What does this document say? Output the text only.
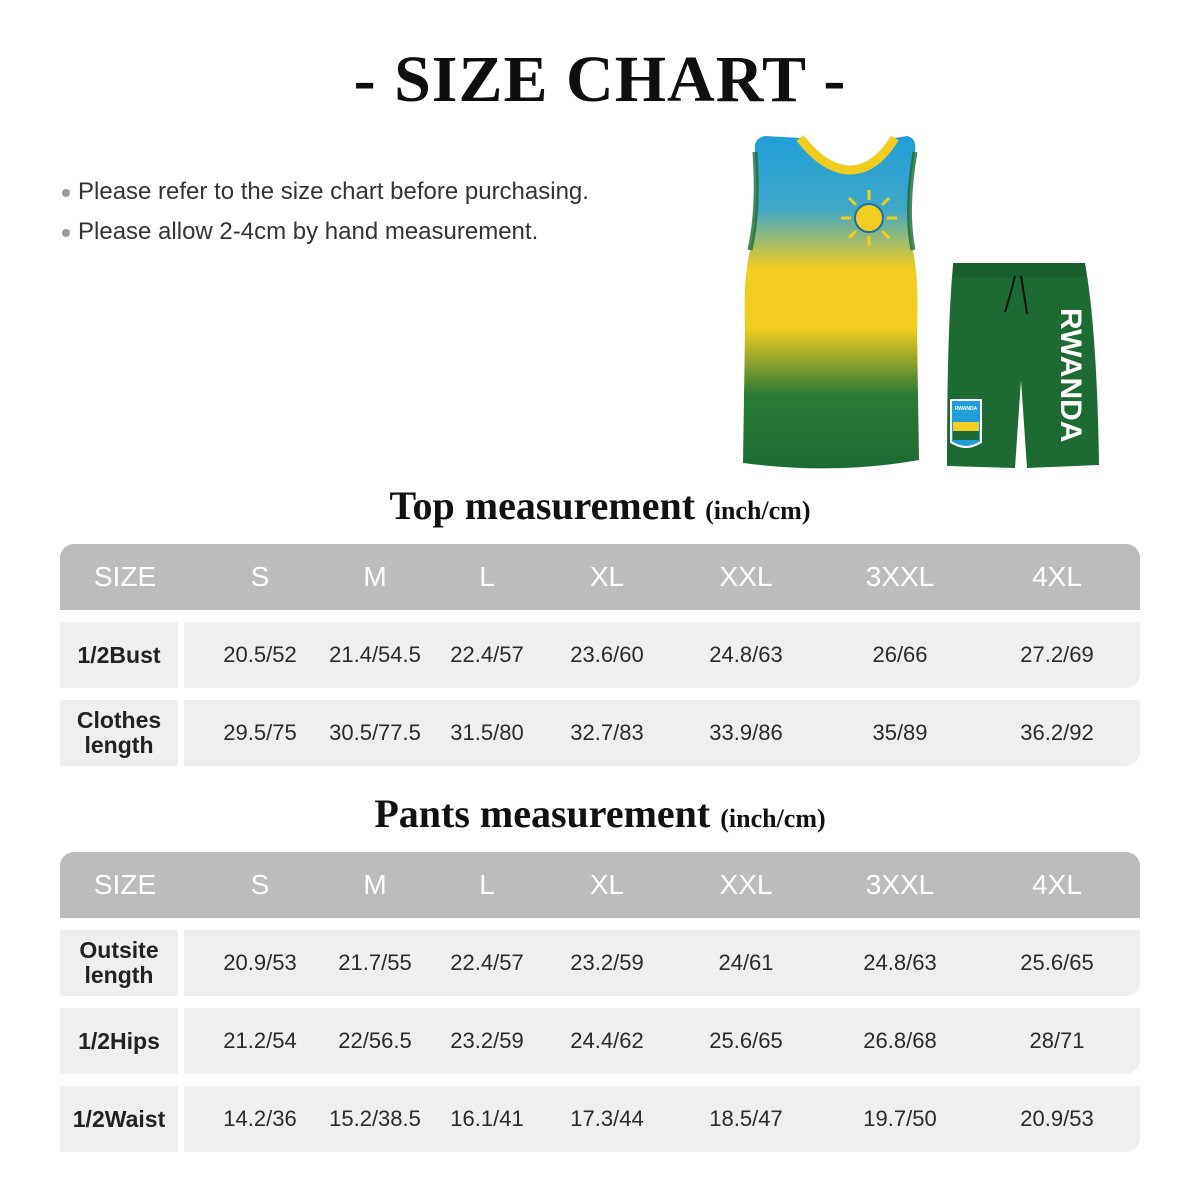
- SIZE CHART -
Please refer to the size chart before purchasing.
Please allow 2-4cm by hand measurement.
RWANDA	RWANDA
Top measurement (inch/cm)
SIZE	S	M	L	XL	XXL	3XXL	4XL
1/2Bust	20.5/52 21.4/54.5 22.4/57 23.6/60	24.8/63	26/66	27.2/69
Clothes
length	29.5/75 30.5/77.5 31.5/80 32.7/83	33.9/86	35/89	36.2/92
Pants measurement (inch/cm)
SIZE	S	M	L	XL	XXL	3XXL	4XL
Outsite
length	20.9/53 21.7/55 22.4/57 23.2/59	24/61	24.8/63	25.6/65
1/2Hips	21.2/54 22/56.5 23.2/59 24.4/62	25.6/65	26.8/68	28/71
1/2Waist	14.2/36 15.2/38.5 16.1/41 17.3/44	18.5/47	19.7/50	20.9/53
